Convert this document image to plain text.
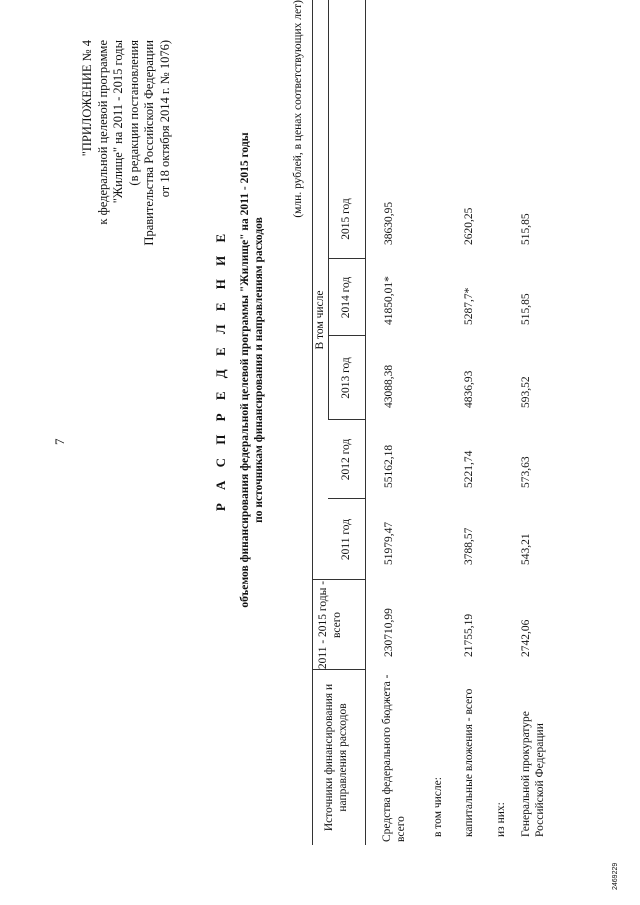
7
"ПРИЛОЖЕНИЕ № 4 к федеральной целевой программе "Жилище" на 2011 - 2015 годы (в редакции постановления Правительства Российской Федерации от 18 октября 2014 г. № 1076)
Р А С П Р Е Д Е Л Е Н И Е объемов финансирования федеральной целевой программы "Жилище" на 2011 - 2015 годы по источникам финансирования и направлениям расходов
(млн. рублей, в ценах соответствующих лет)
Источники финансирования и направления расходов
2011 - 2015 годы - всего
В том числе
2011 год
2012 год
2013 год
2014 год
2015 год
Средства федерального бюджета - всего
230710,99
51979,47
55162,18
43088,38
41850,01*
38630,95
в том числе: капитальные вложения - всего
21755,19
3788,57
5221,74
4836,93
5287,7*
2620,25
из них: Генеральной прокуратуре Российской Федерации
2742,06
543,21
573,63
593,52
515,85
515,85
2469229
